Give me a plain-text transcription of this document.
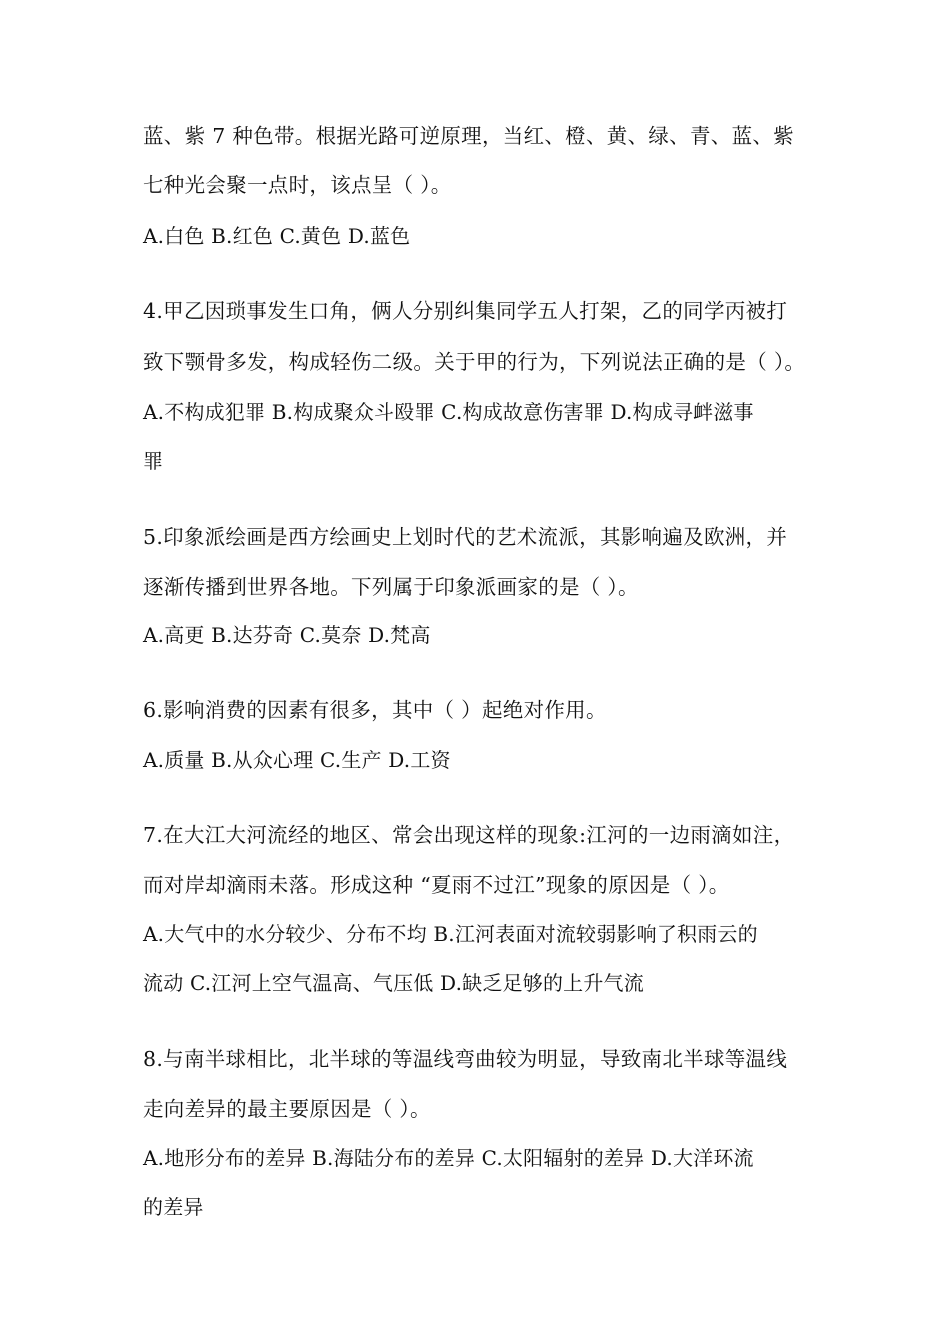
蓝、紫 7 种色带。根据光路可逆原理，当红、橙、黄、绿、青、蓝、紫
七种光会聚一点时，该点呈（ ）。
A.白色 B.红色 C.黄色 D.蓝色
4.甲乙因琐事发生口角，俩人分别纠集同学五人打架，乙的同学丙被打
致下颚骨多发，构成轻伤二级。关于甲的行为，下列说法正确的是（ ）。
A.不构成犯罪 B.构成聚众斗殴罪 C.构成故意伤害罪 D.构成寻衅滋事
罪
5.印象派绘画是西方绘画史上划时代的艺术流派，其影响遍及欧洲，并
逐渐传播到世界各地。下列属于印象派画家的是（ ）。
A.高更 B.达芬奇 C.莫奈 D.梵高
6.影响消费的因素有很多，其中（ ）起绝对作用。
A.质量 B.从众心理 C.生产 D.工资
7.在大江大河流经的地区、常会出现这样的现象:江河的一边雨滴如注，
而对岸却滴雨未落。形成这种 “夏雨不过江”现象的原因是（ ）。
A.大气中的水分较少、分布不均 B.江河表面对流较弱影响了积雨云的
流动 C.江河上空气温高、气压低 D.缺乏足够的上升气流
8.与南半球相比，北半球的等温线弯曲较为明显，导致南北半球等温线
走向差异的最主要原因是（ ）。
A.地形分布的差异 B.海陆分布的差异 C.太阳辐射的差异 D.大洋环流
的差异
